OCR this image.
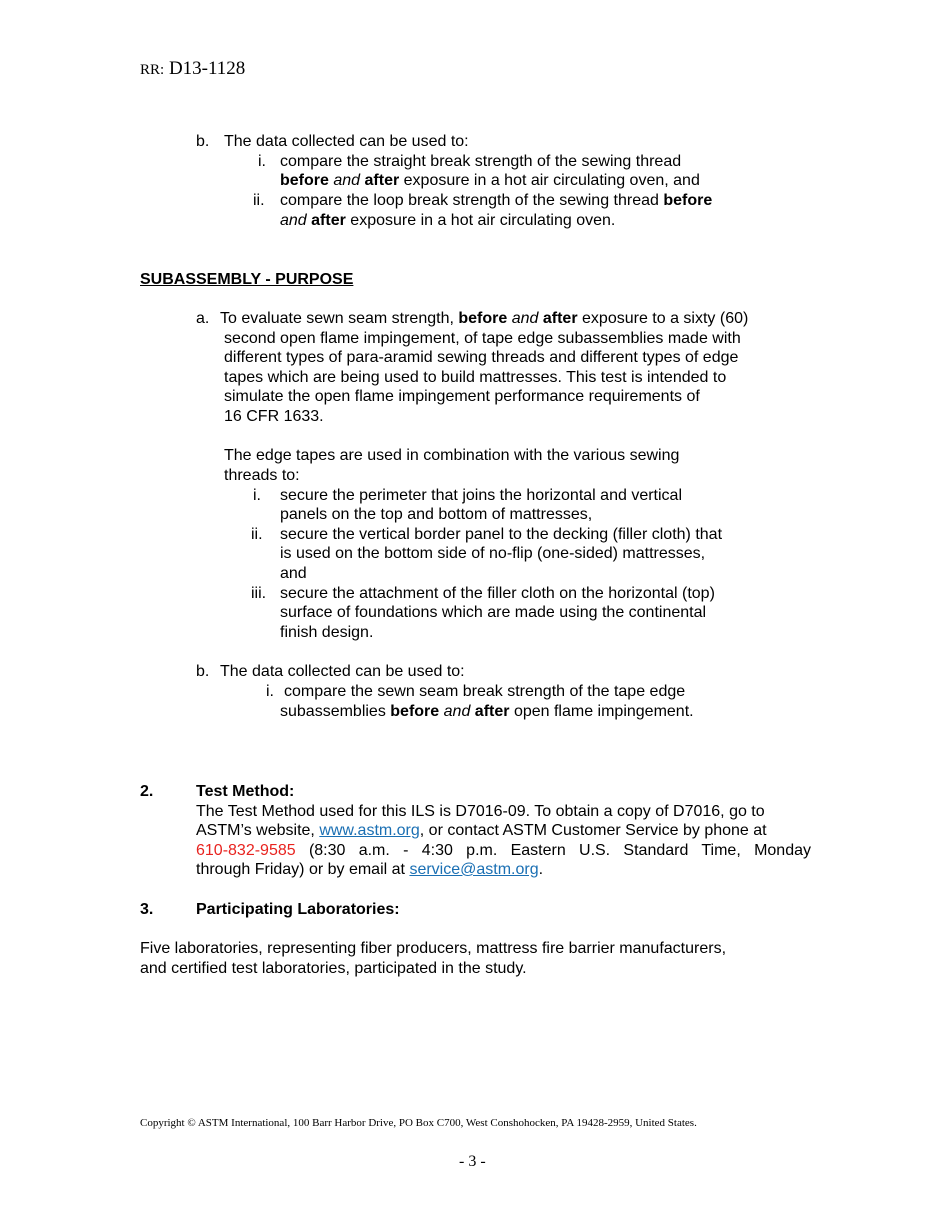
RR: D13-1128
b. The data collected can be used to:
i. compare the straight break strength of the sewing thread
before and after exposure in a hot air circulating oven, and
ii. compare the loop break strength of the sewing thread before
and after exposure in a hot air circulating oven.
SUBASSEMBLY - PURPOSE
a. To evaluate sewn seam strength, before and after exposure to a sixty (60)
second open flame impingement, of tape edge subassemblies made with
different types of para-aramid sewing threads and different types of edge
tapes which are being used to build mattresses. This test is intended to
simulate the open flame impingement performance requirements of
16 CFR 1633.
The edge tapes are used in combination with the various sewing
threads to:
i. secure the perimeter that joins the horizontal and vertical
panels on the top and bottom of mattresses,
ii. secure the vertical border panel to the decking (filler cloth) that
is used on the bottom side of no-flip (one-sided) mattresses,
and
iii. secure the attachment of the filler cloth on the horizontal (top)
surface of foundations which are made using the continental
finish design.
b. The data collected can be used to:
i. compare the sewn seam break strength of the tape edge
subassemblies before and after open flame impingement.
2.	Test Method:
The Test Method used for this ILS is D7016-09. To obtain a copy of D7016, go to
ASTM’s website, www.astm.org, or contact ASTM Customer Service by phone at
610-832-9585 (8:30 a.m. - 4:30 p.m. Eastern U.S. Standard Time, Monday
through Friday) or by email at service@astm.org.
3.	Participating Laboratories:
Five laboratories, representing fiber producers, mattress fire barrier manufacturers,
and certified test laboratories, participated in the study.
Copyright © ASTM International, 100 Barr Harbor Drive, PO Box C700, West Conshohocken, PA 19428-2959, United States.
- 3 -
